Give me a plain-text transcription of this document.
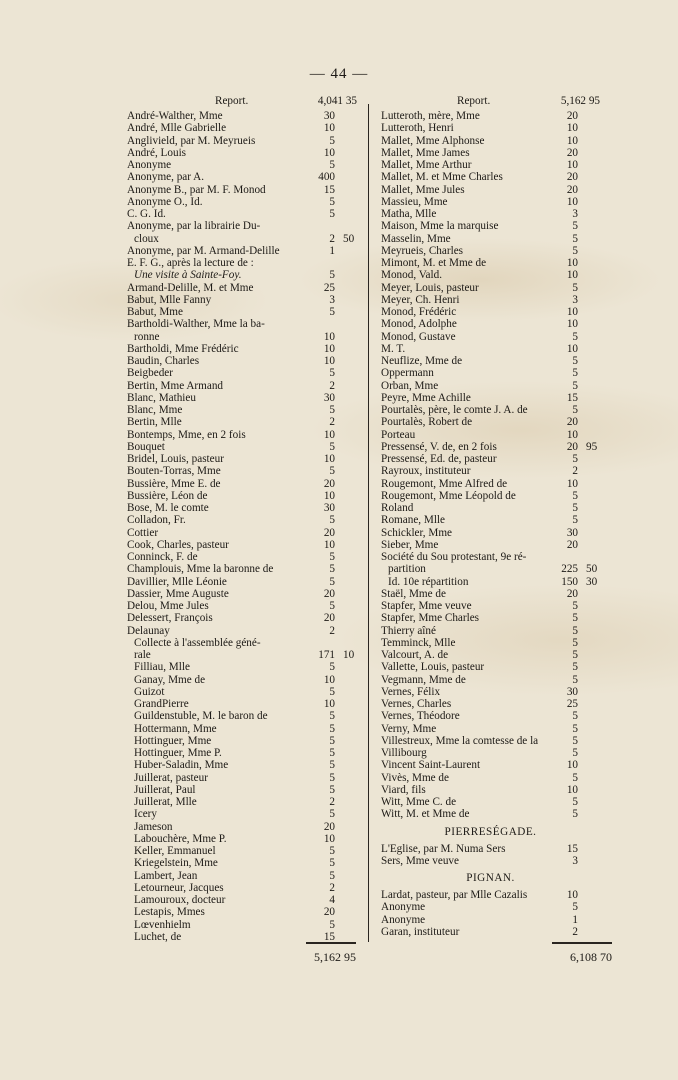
— 44 —
Report.	4,041 35
André-Walther, Mme	30
André, Mlle Gabrielle	10
Anglivield, par M. Meyrueis	5
André, Louis	10
Anonyme	5
Anonyme, par A.	400
Anonyme B., par M. F. Monod	15
Anonyme O., Id.	5
C. G. Id.	5
Anonyme, par la librairie Du-
cloux	2 50
Anonyme, par M. Armand-Delille	1
E. F. G., après la lecture de :
Une visite à Sainte-Foy.	5
Armand-Delille, M. et Mme	25
Babut, Mlle Fanny	3
Babut, Mme	5
Bartholdi-Walther, Mme la ba-
ronne	10
Bartholdi, Mme Frédéric	10
Baudin, Charles	10
Beigbeder	5
Bertin, Mme Armand	2
Blanc, Mathieu	30
Blanc, Mme	5
Bertin, Mlle	2
Bontemps, Mme, en 2 fois	10
Bouquet	5
Bridel, Louis, pasteur	10
Bouten-Torras, Mme	5
Bussière, Mme E. de	20
Bussière, Léon de	10
Bose, M. le comte	30
Colladon, Fr.	5
Cottier	20
Cook, Charles, pasteur	10
Conninck, F. de	5
Champlouis, Mme la baronne de	5
Davillier, Mlle Léonie	5
Dassier, Mme Auguste	20
Delou, Mme Jules	5
Delessert, François	20
Delaunay	2
Collecte à l'assemblée géné-
rale	171 10
Filliau, Mlle	5
Ganay, Mme de	10
Guizot	5
GrandPierre	10
Guildenstuble, M. le baron de	5
Hottermann, Mme	5
Hottinguer, Mme	5
Hottinguer, Mme P.	5
Huber-Saladin, Mme	5
Juillerat, pasteur	5
Juillerat, Paul	5
Juillerat, Mlle	2
Icery	5
Jameson	20
Labouchère, Mme P.	10
Keller, Emmanuel	5
Kriegelstein, Mme	5
Lambert, Jean	5
Letourneur, Jacques	2
Lamouroux, docteur	4
Lestapis, Mmes	20
Lœvenhielm	5
Luchet, de	15
Report.	5,162 95
Lutteroth, mère, Mme	20
Lutteroth, Henri	10
Mallet, Mme Alphonse	10
Mallet, Mme James	20
Mallet, Mme Arthur	10
Mallet, M. et Mme Charles	20
Mallet, Mme Jules	20
Massieu, Mme	10
Matha, Mlle	3
Maison, Mme la marquise	5
Masselin, Mme	5
Meyrueis, Charles	5
Mimont, M. et Mme de	10
Monod, Vald.	10
Meyer, Louis, pasteur	5
Meyer, Ch. Henri	3
Monod, Frédéric	10
Monod, Adolphe	10
Monod, Gustave	5
M. T.	10
Neuflize, Mme de	5
Oppermann	5
Orban, Mme	5
Peyre, Mme Achille	15
Pourtalès, père, le comte J. A. de	5
Pourtalès, Robert de	20
Porteau	10
Pressensé, V. de, en 2 fois	20 95
Pressensé, Ed. de, pasteur	5
Rayroux, instituteur	2
Rougemont, Mme Alfred de	10
Rougemont, Mme Léopold de	5
Roland	5
Romane, Mlle	5
Schickler, Mme	30
Sieber, Mme	20
Société du Sou protestant, 9e ré-
partition	225 50
Id. 10e répartition	150 30
Staël, Mme de	20
Stapfer, Mme veuve	5
Stapfer, Mme Charles	5
Thierry aîné	5
Temminck, Mlle	5
Valcourt, A. de	5
Vallette, Louis, pasteur	5
Vegmann, Mme de	5
Vernes, Félix	30
Vernes, Charles	25
Vernes, Théodore	5
Verny, Mme	5
Villestreux, Mme la comtesse de la	5
Villibourg	5
Vincent Saint-Laurent	10
Vivès, Mme de	5
Viard, fils	10
Witt, Mme C. de	5
Witt, M. et Mme de	5
PIERRESÉGADE.
L'Eglise, par M. Numa Sers	15
Sers, Mme veuve	3
PIGNAN.
Lardat, pasteur, par Mlle Cazalis	10
Anonyme	5
Anonyme	1
Garan, instituteur	2
5,162 95	6,108 70
